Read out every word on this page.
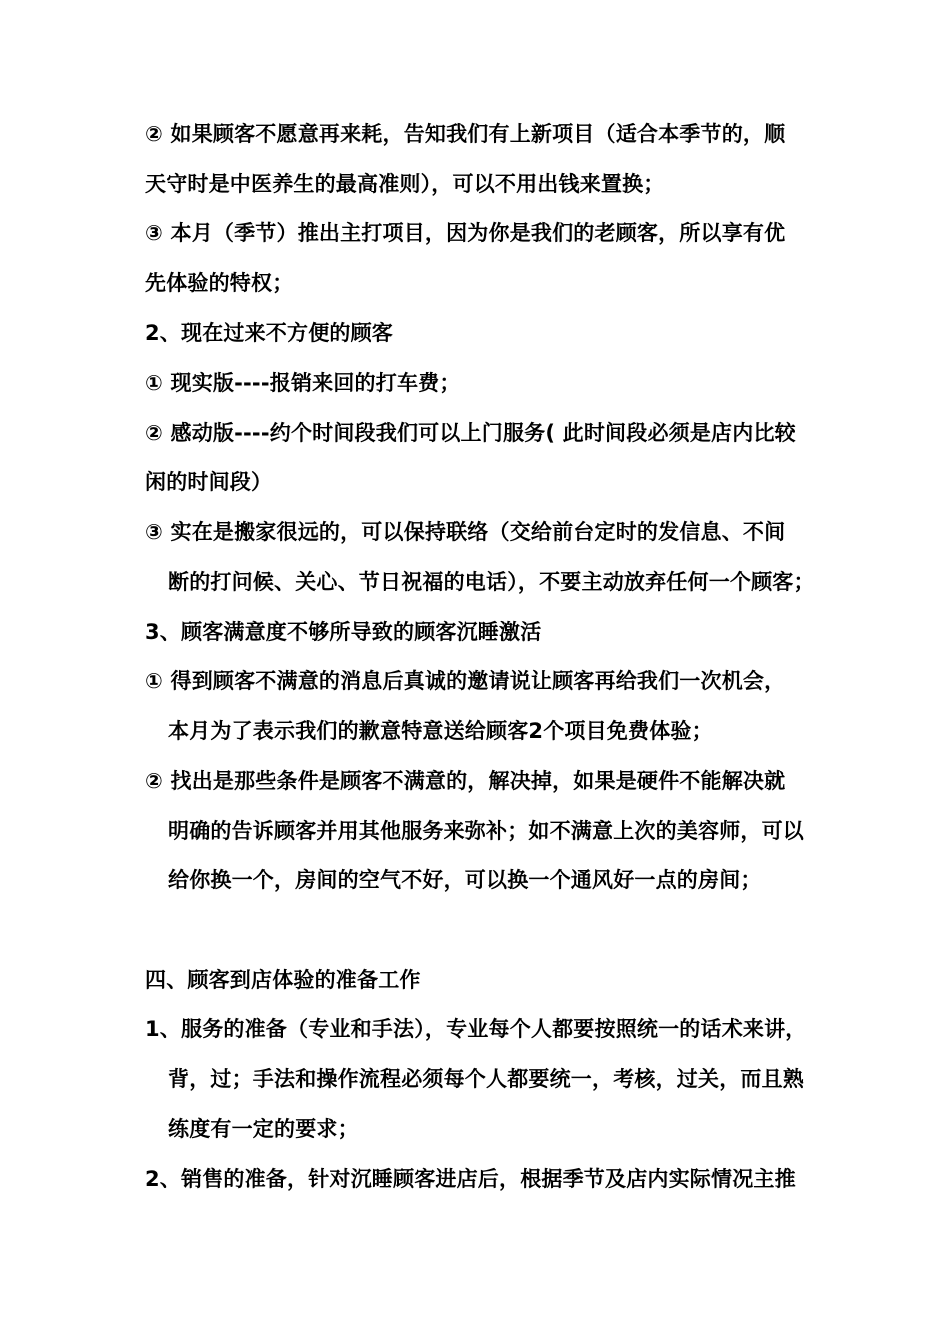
② 如果顾客不愿意再来耗，告知我们有上新项目（适合本季节的，顺
天守时是中医养生的最高准则），可以不用出钱来置换；
③ 本月（季节）推出主打项目，因为你是我们的老顾客，所以享有优
先体验的特权；
2、现在过来不方便的顾客
① 现实版----报销来回的打车费；
② 感动版----约个时间段我们可以上门服务( 此时间段必须是店内比较
闲的时间段）
③ 实在是搬家很远的，可以保持联络（交给前台定时的发信息、不间
断的打问候、关心、节日祝福的电话），不要主动放弃任何一个顾客；
3、顾客满意度不够所导致的顾客沉睡激活
① 得到顾客不满意的消息后真诚的邀请说让顾客再给我们一次机会，
本月为了表示我们的歉意特意送给顾客2个项目免费体验；
② 找出是那些条件是顾客不满意的，解决掉，如果是硬件不能解决就
明确的告诉顾客并用其他服务来弥补；如不满意上次的美容师，可以
给你换一个，房间的空气不好，可以换一个通风好一点的房间；
四、顾客到店体验的准备工作
1、服务的准备（专业和手法），专业每个人都要按照统一的话术来讲，
背，过；手法和操作流程必须每个人都要统一，考核，过关，而且熟
练度有一定的要求；
2、销售的准备，针对沉睡顾客进店后，根据季节及店内实际情况主推
